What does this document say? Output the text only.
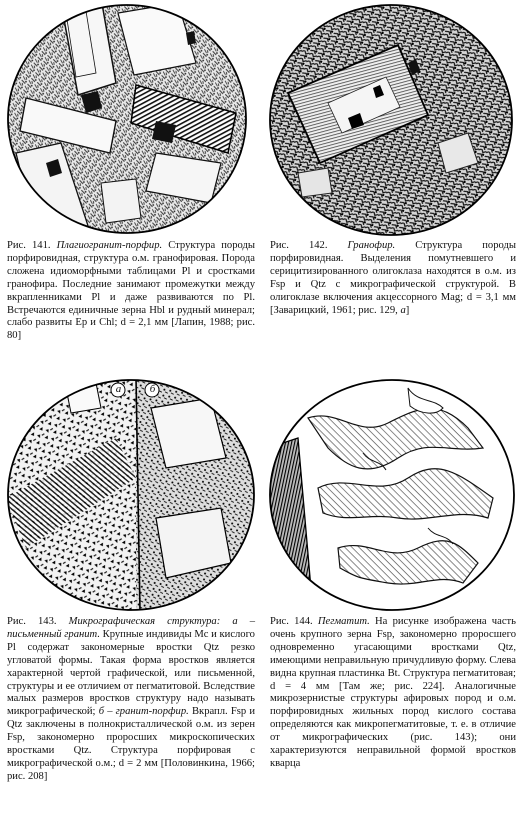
Рис. 141. Плагиогранит-порфир. Структура породы порфировидная, структура о.м. гранофировая. Порода сложена идиоморфными таблицами Pl и сростками гранофира. Последние занимают промежутки между вкрапленниками Pl и даже развиваются по Pl. Встречаются единичные зерна Hbl и рудный минерал; слабо развиты Ep и Chl; d = 2,1 мм [Лапин, 1988; рис. 80]
Рис. 142. Гранофир. Структура породы порфировидная. Выделения помутневшего и серицитизированного олигоклаза находятся в о.м. из Fsp и Qtz с микрографической структурой. В олигоклазе включения акцессорного Mag; d = 3,1 мм [Заварицкий, 1961; рис. 129, а]
а	б
Рис. 143. Микрографическая структура: а – письменный гранит. Крупные индивиды Mc и кислого Pl содержат закономерные вростки Qtz резко угловатой формы. Такая форма вростков является характерной чертой графической, или письменной, структуры и ее отличием от пегматитовой. Вследствие малых размеров вростков структуру надо называть микрографической; б – гранит-порфир. Вкрапл. Fsp и Qtz заключены в полнокристаллической о.м. из зерен Fsp, закономерно проросших микроскопических вростками Qtz. Структура порфировая с микрографической о.м.; d = 2 мм [Половинкина, 1966; рис. 208]
Рис. 144. Пегматит. На рисунке изображена часть очень крупного зерна Fsp, закономерно проросшего одновременно угасающими вростками Qtz, имеющими неправильную причудливую форму. Слева видна крупная пластинка Bt. Структура пегматитовая; d = 4 мм [Там же; рис. 224]. Аналогичные микрозернистые структуры афировых пород и о.м. порфировидных жильных пород кислого состава определяются как микропегматитовые, т. е. в отличие от микрографических (рис. 143); они характеризуются неправильной формой вростков кварца
